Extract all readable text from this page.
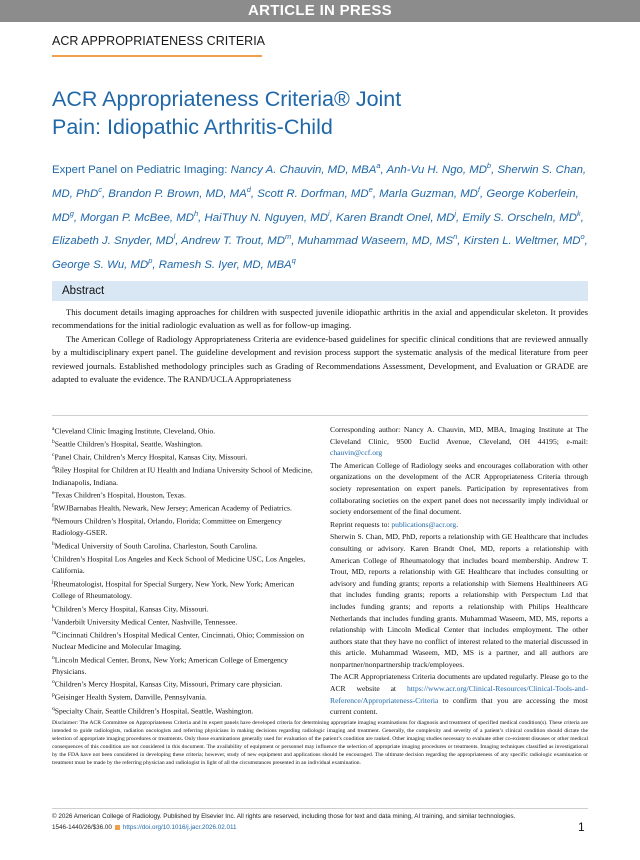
ARTICLE IN PRESS
ACR APPROPRIATENESS CRITERIA
ACR Appropriateness Criteria® Joint
Pain: Idiopathic Arthritis-Child
Expert Panel on Pediatric Imaging: Nancy A. Chauvin, MD, MBA$^a$, Anh-Vu H. Ngo, $MD^b$, Sherwin S. Chan, MD, PhD$^c$, Brandon P. Brown, MD, $MA^d$, Scott R. Dorfman, MDe, Marla Guzman, $MD^f$, George Koberlein, $MD^g$, Morgan P. McBee, $MD^h$, HaiThuy N. Nguyen, $MD^i$, Karen Brandt Onel, $MD^j$, Emily S. Orscheln, $MD^k$, Elizabeth J. Snyder, $MD^l$, Andrew T. Trout, $MD^m$, Muhammad Waseem, MD, $MS^n$, Kirsten L. Weltmer, $MD^o$, George S. Wu, $MD^p$, Ramesh S. Iyer, MD, MBA$^q$
Abstract

This document details imaging approaches for children with suspected juvenile idiopathic arthritis in the axial and appendicular skeleton. It provides recommendations for the initial radiologic evaluation as well as for follow-up imaging.

The American College of Radiology Appropriateness Criteria are evidence-based guidelines for specific clinical conditions that are reviewed annually by a multidisciplinary expert panel. The guideline development and revision process support the systematic analysis of the medical literature from peer reviewed journals. Established methodology principles such as Grading of Recommendations Assessment, Development, and Evaluation or GRADE are adapted to evaluate the evidence. The RAND/UCLA Appropriateness

$^a$Cleveland Clinic Imaging Institute, Cleveland, Ohio.
$^b$Seattle Children’s Hospital, Seattle, Washington.
$^c$Panel Chair, Children’s Mercy Hospital, Kansas City, Missouri.
$^d$Riley Hospital for Children at IU Health and Indiana University School of Medicine, Indianapolis, Indiana.
$^e$Texas Children’s Hospital, Houston, Texas.
$^f$RWJBarnabas Health, Newark, New Jersey; American Academy of Pediatrics.
$^g$Nemours Children’s Hospital, Orlando, Florida; Committee on Emergency Radiology-GSER.
$^h$Medical University of South Carolina, Charleston, South Carolina.
$^i$Children’s Hospital Los Angeles and Keck School of Medicine USC, Los Angeles, California.
$^j$Rheumatologist, Hospital for Special Surgery, New York, New York; American College of Rheumatology.
$^k$Children’s Mercy Hospital, Kansas City, Missouri.
$^l$Vanderbilt University Medical Center, Nashville, Tennessee.
$^m$Cincinnati Children’s Hospital Medical Center, Cincinnati, Ohio; Commission on Nuclear Medicine and Molecular Imaging.
$^n$Lincoln Medical Center, Bronx, New York; American College of Emergency Physicians.
$^o$Children’s Mercy Hospital, Kansas City, Missouri, Primary care physician.
$^p$Geisinger Health System, Danville, Pennsylvania.
$^q$Specialty Chair, Seattle Children’s Hospital, Seattle, Washington.

Corresponding author: Nancy A. Chauvin, MD, MBA, Imaging Institute at The Cleveland Clinic, 9500 Euclid Avenue, Cleveland, OH 44195; e-mail: chauvin@ccf.org

The American College of Radiology seeks and encourages collaboration with other organizations on the development of the ACR Appropriateness Criteria through society representation on expert panels. Participation by representatives from collaborating societies on the expert panel does not necessarily imply individual or society endorsement of the final document.

Reprint requests to: publications@acr.org.

Sherwin S. Chan, MD, PhD, reports a relationship with GE Healthcare that includes consulting or advisory. Karen Brandt Onel, MD, reports a relationship with American College of Rheumatology that includes board membership. Andrew T. Trout, MD, reports a relationship with GE Healthcare that includes consulting or advisory and funding grants; reports a relationship with Siemens Healthineers AG that includes funding grants; reports a relationship with Perspectum Ltd that includes funding grants; and reports a relationship with Philips Healthcare Netherlands that includes funding grants. Muhammad Waseem, MD, MS, reports a relationship with Lincoln Medical Center that includes employment. The other authors state that they have no conflict of interest related to the material discussed in this article. Muhammad Waseem, MD, MS is a partner, and all authors are nonpartner/nonpartnership track/employees.

The ACR Appropriateness Criteria documents are updated regularly. Please go to the ACR website at https://www.acr.org/Clinical-Resources/Clinical-Tools-and-Reference/Appropriateness-Criteria to confirm that you are accessing the most current content.

Disclaimer: The ACR Committee on Appropriateness Criteria and its expert panels have developed criteria for determining appropriate imaging examinations for diagnosis and treatment of specified medical condition(s). These criteria are intended to guide radiologists, radiation oncologists and referring physicians in making decisions regarding radiologic imaging and treatment. Generally, the complexity and severity of a patient’s clinical condition should dictate the selection of appropriate imaging procedures or treatments. Only those examinations generally used for evaluation of the patient’s condition are ranked. Other imaging studies necessary to evaluate other co-existent diseases or other medical consequences of this condition are not considered in this document. The availability of equipment or personnel may influence the selection of appropriate imaging procedures or treatments. Imaging techniques classified as investigational by the FDA have not been considered in developing these criteria; however, study of new equipment and applications should be encouraged. The ultimate decision regarding the appropriateness of any specific radiologic examination or treatment must be made by the referring physician and radiologist in light of all the circumstances presented in an individual examination.
© 2026 American College of Radiology. Published by Elsevier Inc. All rights are reserved, including those for text and data mining, AI training, and similar technologies.
1546-1440/26/$36.00 https://doi.org/10.1016/j.jacr.2026.02.011	1
